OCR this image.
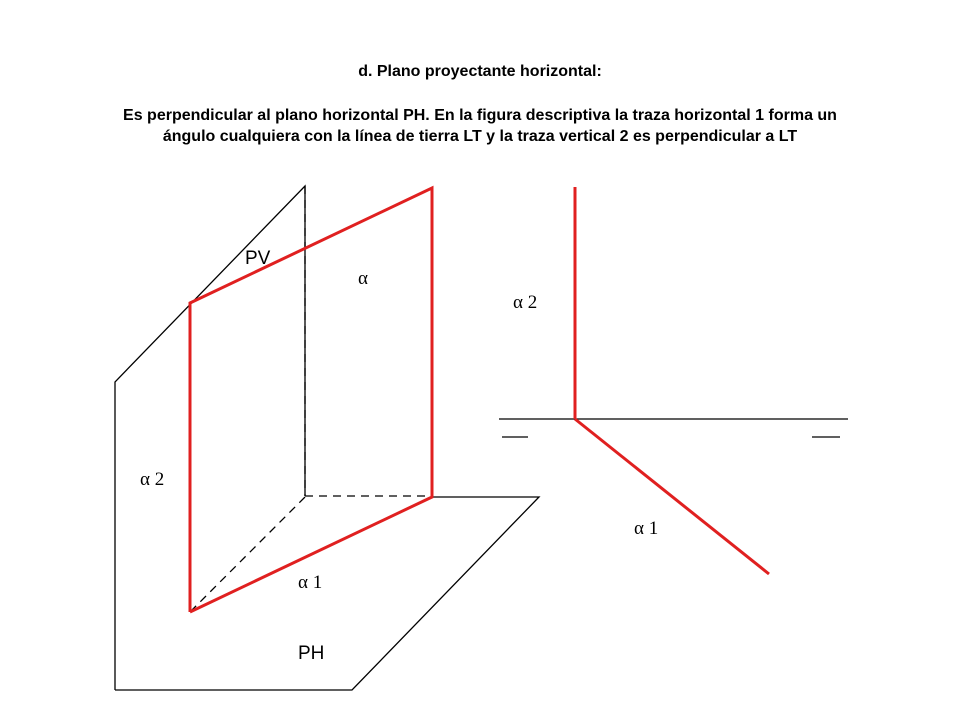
d. Plano proyectante horizontal:

Es perpendicular al plano horizontal PH. En la figura descriptiva la traza horizontal 1 forma un

ángulo cualquiera con la línea de tierra LT y la traza vertical 2 es perpendicular a LT

PV
α
α 2
α 1
PH
α 2
α 1
